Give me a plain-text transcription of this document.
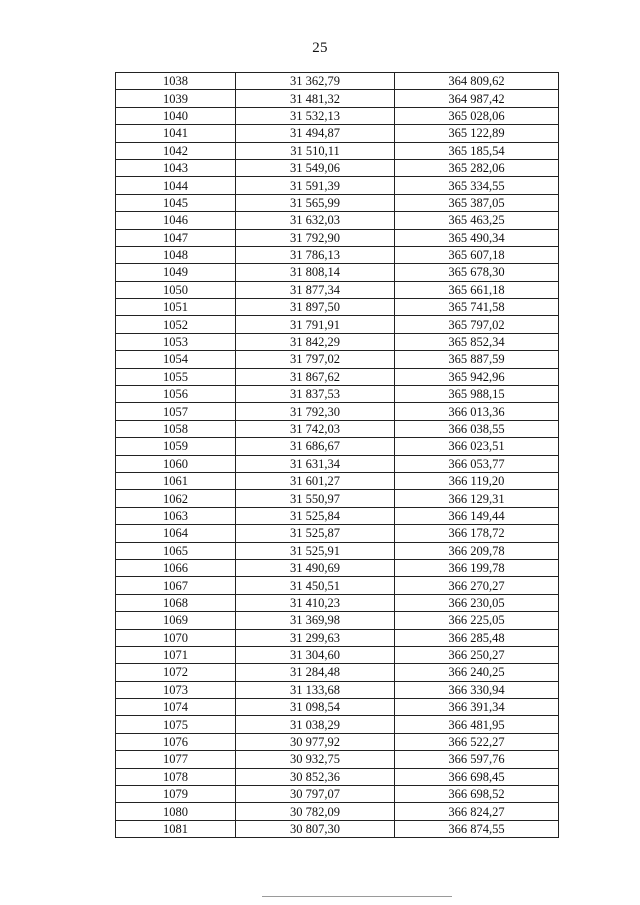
25
1038	31 362,79	364 809,62
1039	31 481,32	364 987,42
1040	31 532,13	365 028,06
1041	31 494,87	365 122,89
1042	31 510,11	365 185,54
1043	31 549,06	365 282,06
1044	31 591,39	365 334,55
1045	31 565,99	365 387,05
1046	31 632,03	365 463,25
1047	31 792,90	365 490,34
1048	31 786,13	365 607,18
1049	31 808,14	365 678,30
1050	31 877,34	365 661,18
1051	31 897,50	365 741,58
1052	31 791,91	365 797,02
1053	31 842,29	365 852,34
1054	31 797,02	365 887,59
1055	31 867,62	365 942,96
1056	31 837,53	365 988,15
1057	31 792,30	366 013,36
1058	31 742,03	366 038,55
1059	31 686,67	366 023,51
1060	31 631,34	366 053,77
1061	31 601,27	366 119,20
1062	31 550,97	366 129,31
1063	31 525,84	366 149,44
1064	31 525,87	366 178,72
1065	31 525,91	366 209,78
1066	31 490,69	366 199,78
1067	31 450,51	366 270,27
1068	31 410,23	366 230,05
1069	31 369,98	366 225,05
1070	31 299,63	366 285,48
1071	31 304,60	366 250,27
1072	31 284,48	366 240,25
1073	31 133,68	366 330,94
1074	31 098,54	366 391,34
1075	31 038,29	366 481,95
1076	30 977,92	366 522,27
1077	30 932,75	366 597,76
1078	30 852,36	366 698,45
1079	30 797,07	366 698,52
1080	30 782,09	366 824,27
1081	30 807,30	366 874,55
